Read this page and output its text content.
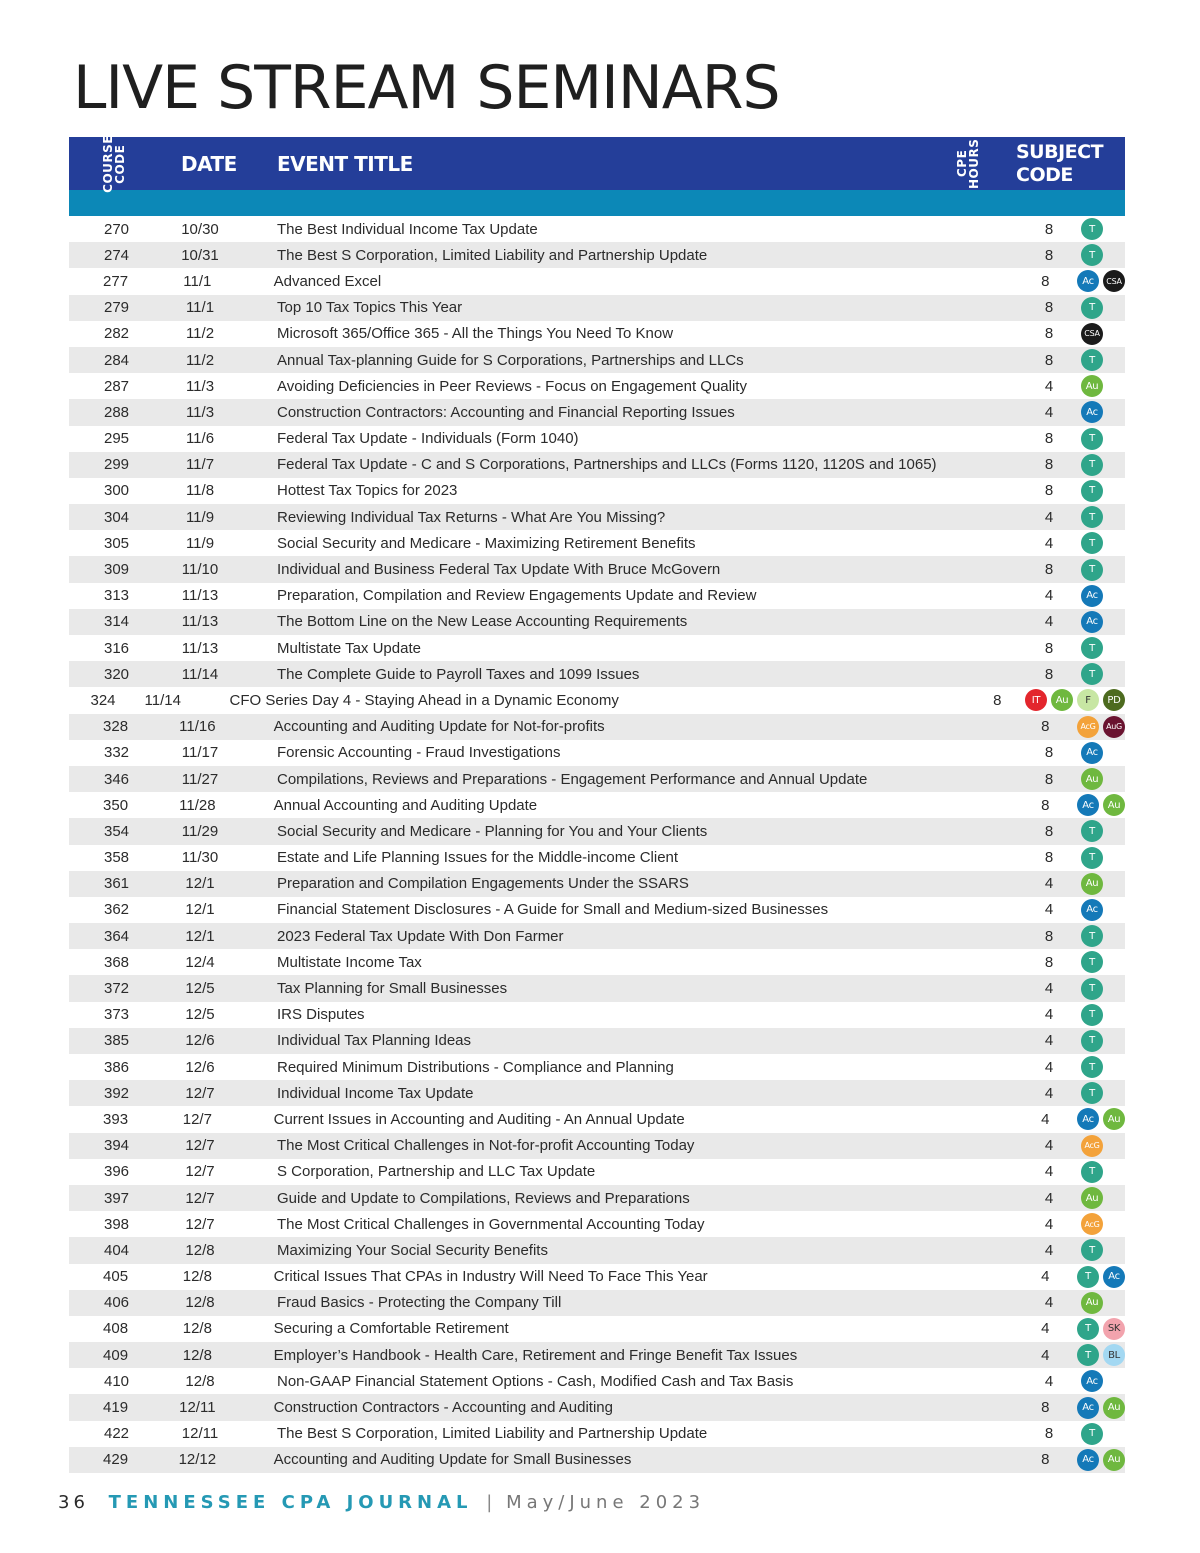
LIVE STREAM SEMINARS
COURSE CODE	DATE EVENT TITLE	CPE HOURS SUBJECT
CODE
270	10/30	The Best Individual Income Tax Update	8	T
274	10/31	The Best S Corporation, Limited Liability and Partnership Update	8	T
277	11/1	Advanced Excel	8	Ac	CSA
279	11/1	Top 10 Tax Topics This Year	8	T
282	11/2	Microsoft 365/Office 365 - All the Things You Need To Know	8	CSA
284	11/2	Annual Tax-planning Guide for S Corporations, Partnerships and LLCs	8	T
287	11/3	Avoiding Deficiencies in Peer Reviews - Focus on Engagement Quality	4	Au
288	11/3	Construction Contractors: Accounting and Financial Reporting Issues	4	Ac
295	11/6	Federal Tax Update - Individuals (Form 1040)	8	T
299	11/7	Federal Tax Update - C and S Corporations, Partnerships and LLCs (Forms 1120, 1120S and 1065)	8	T
300	11/8	Hottest Tax Topics for 2023	8	T
304	11/9	Reviewing Individual Tax Returns - What Are You Missing?	4	T
305	11/9	Social Security and Medicare - Maximizing Retirement Benefits	4	T
309	11/10	Individual and Business Federal Tax Update With Bruce McGovern	8	T
313	11/13	Preparation, Compilation and Review Engagements Update and Review	4	Ac
314	11/13	The Bottom Line on the New Lease Accounting Requirements	4	Ac
316	11/13	Multistate Tax Update	8	T
320	11/14	The Complete Guide to Payroll Taxes and 1099 Issues	8	T
324	11/14	CFO Series Day 4 - Staying Ahead in a Dynamic Economy	8	IT	Au	F	PD
328	11/16	Accounting and Auditing Update for Not-for-profits	8	AcG	AuG
332	11/17	Forensic Accounting - Fraud Investigations	8	Ac
346	11/27	Compilations, Reviews and Preparations - Engagement Performance and Annual Update	8	Au
350	11/28	Annual Accounting and Auditing Update	8	Ac	Au
354	11/29	Social Security and Medicare - Planning for You and Your Clients	8	T
358	11/30	Estate and Life Planning Issues for the Middle-income Client	8	T
361	12/1	Preparation and Compilation Engagements Under the SSARS	4	Au
362	12/1	Financial Statement Disclosures - A Guide for Small and Medium-sized Businesses	4	Ac
364	12/1	2023 Federal Tax Update With Don Farmer	8	T
368	12/4	Multistate Income Tax	8	T
372	12/5	Tax Planning for Small Businesses	4	T
373	12/5	IRS Disputes	4	T
385	12/6	Individual Tax Planning Ideas	4	T
386	12/6	Required Minimum Distributions - Compliance and Planning	4	T
392	12/7	Individual Income Tax Update	4	T
393	12/7	Current Issues in Accounting and Auditing - An Annual Update	4	Ac	Au
394	12/7	The Most Critical Challenges in Not-for-profit Accounting Today	4	AcG
396	12/7	S Corporation, Partnership and LLC Tax Update	4	T
397	12/7	Guide and Update to Compilations, Reviews and Preparations	4	Au
398	12/7	The Most Critical Challenges in Governmental Accounting Today	4	AcG
404	12/8	Maximizing Your Social Security Benefits	4	T
405	12/8	Critical Issues That CPAs in Industry Will Need To Face This Year	4	T	Ac
406	12/8	Fraud Basics - Protecting the Company Till	4	Au
408	12/8	Securing a Comfortable Retirement	4	T	SK
409	12/8	Employer’s Handbook - Health Care, Retirement and Fringe Benefit Tax Issues	4	T	BL
410	12/8	Non-GAAP Financial Statement Options - Cash, Modified Cash and Tax Basis	4	Ac
419	12/11	Construction Contractors - Accounting and Auditing	8	Ac	Au
422	12/11	The Best S Corporation, Limited Liability and Partnership Update	8	T
429	12/12	Accounting and Auditing Update for Small Businesses	8	Ac	Au
36 TENNESSEE CPA JOURNAL | May/June 2023
